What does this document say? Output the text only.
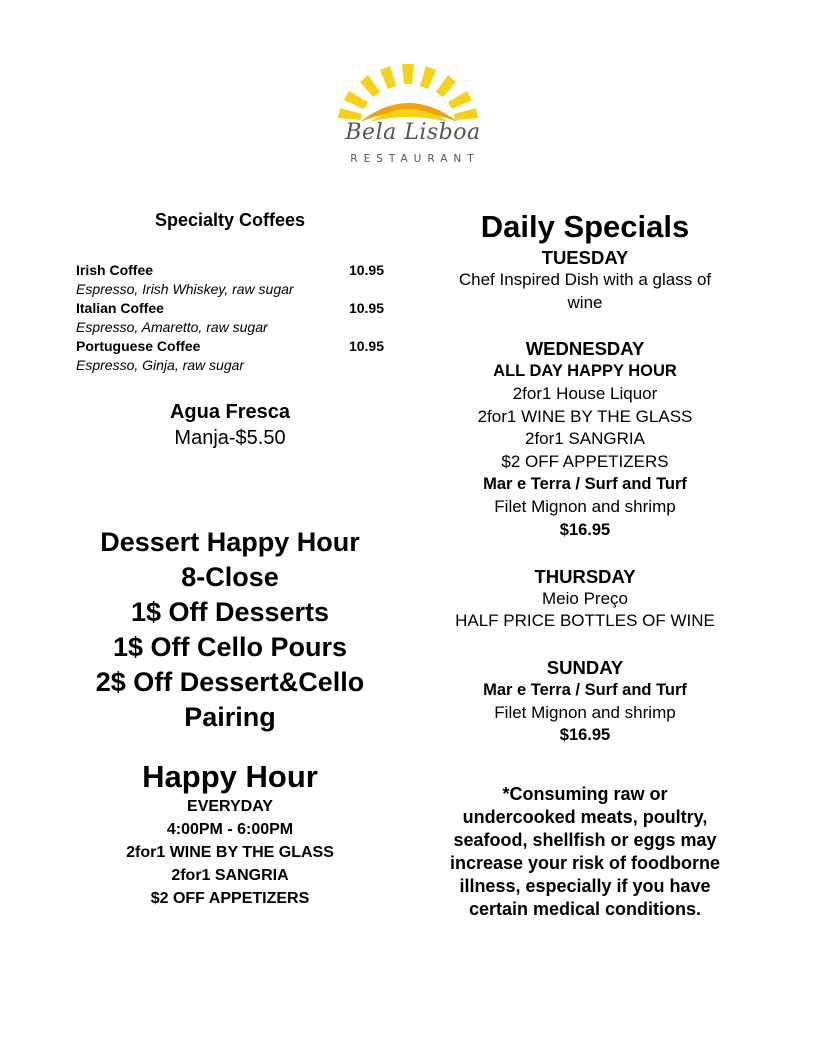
Bela Lisboa
RESTAURANT
Specialty Coffees
Irish Coffee	10.95
Espresso, Irish Whiskey, raw sugar
Italian Coffee	10.95
Espresso, Amaretto, raw sugar
Portuguese Coffee	10.95
Espresso, Ginja, raw sugar
Agua Fresca
Manja-$5.50
Dessert Happy Hour
8-Close
1$ Off Desserts
1$ Off Cello Pours
2$ Off Dessert&Cello
Pairing
Happy Hour
EVERYDAY
4:00PM - 6:00PM
2for1 WINE BY THE GLASS
2for1 SANGRIA
$2 OFF APPETIZERS
Daily Specials
TUESDAY
Chef Inspired Dish with a glass of
wine
WEDNESDAY
ALL DAY HAPPY HOUR
2for1 House Liquor
2for1 WINE BY THE GLASS
2for1 SANGRIA
$2 OFF APPETIZERS
Mar e Terra / Surf and Turf
Filet Mignon and shrimp
$16.95
THURSDAY
Meio Preço
HALF PRICE BOTTLES OF WINE
SUNDAY
Mar e Terra / Surf and Turf
Filet Mignon and shrimp
$16.95
*Consuming raw or
undercooked meats, poultry,
seafood, shellfish or eggs may
increase your risk of foodborne
illness, especially if you have
certain medical conditions.
